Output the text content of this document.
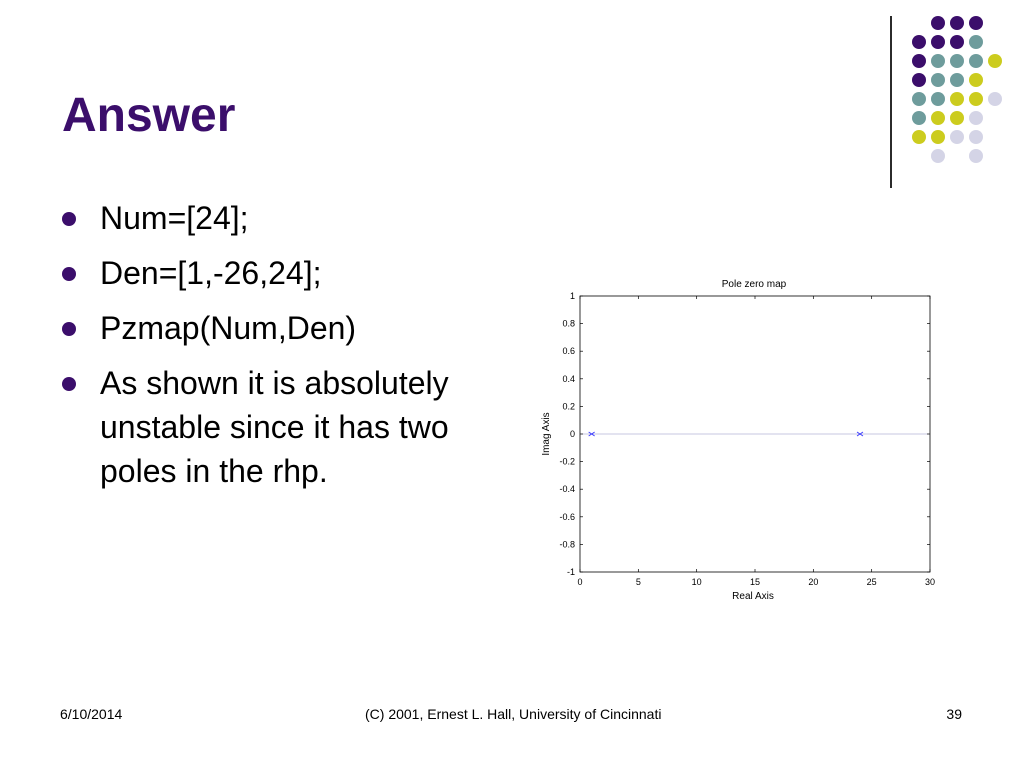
Answer
Num=[24];
Den=[1,-26,24];
Pzmap(Num,Den)
As shown it is absolutely unstable since it has two poles in the rhp.
Pole zero map
Real Axis
Imag Axis
0	5	10	15	20	25	30
1
0.8
0.6
0.4
0.2
0
-0.2
-0.4
-0.6
-0.8
-1
6/10/2014	(C) 2001, Ernest L. Hall, University of Cincinnati	39
